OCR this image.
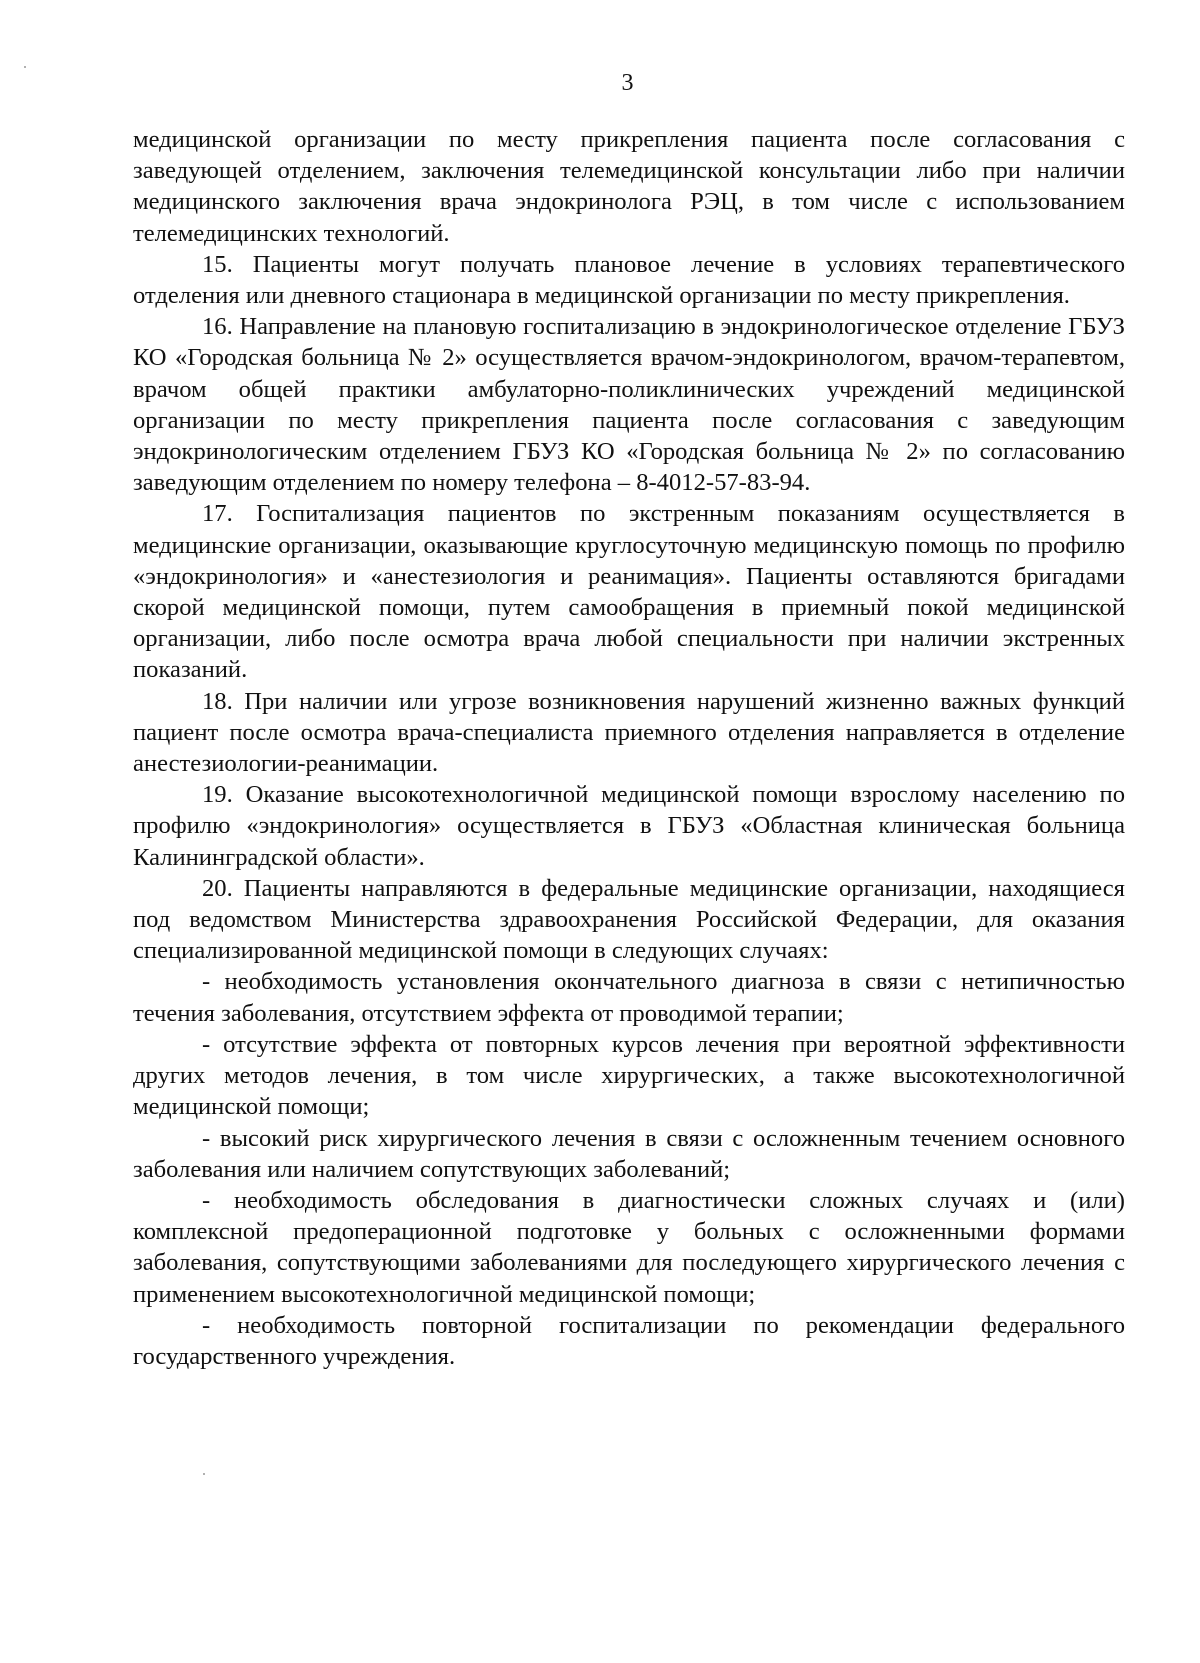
3

медицинской организации по месту прикрепления пациента после согласования с заведующей отделением, заключения телемедицинской консультации либо при наличии медицинского заключения врача эндокринолога РЭЦ, в том числе с использованием телемедицинских технологий.

15. Пациенты могут получать плановое лечение в условиях терапевтического отделения или дневного стационара в медицинской организации по месту прикрепления.

16. Направление на плановую госпитализацию в эндокринологическое отделение ГБУЗ КО «Городская больница № 2» осуществляется врачом-эндокринологом, врачом-терапевтом, врачом общей практики амбулаторно-поликлинических учреждений медицинской организации по месту прикрепления пациента после согласования с заведующим эндокринологическим отделением ГБУЗ КО «Городская больница № 2» по согласованию заведующим отделением по номеру телефона – 8-4012-57-83-94.

17. Госпитализация пациентов по экстренным показаниям осуществляется в медицинские организации, оказывающие круглосуточную медицинскую помощь по профилю «эндокринология» и «анестезиология и реанимация». Пациенты оставляются бригадами скорой медицинской помощи, путем самообращения в приемный покой медицинской организации, либо после осмотра врача любой специальности при наличии экстренных показаний.

18. При наличии или угрозе возникновения нарушений жизненно важных функций пациент после осмотра врача-специалиста приемного отделения направляется в отделение анестезиологии-реанимации.

19. Оказание высокотехнологичной медицинской помощи взрослому населению по профилю «эндокринология» осуществляется в ГБУЗ «Областная клиническая больница Калининградской области».

20. Пациенты направляются в федеральные медицинские организации, находящиеся под ведомством Министерства здравоохранения Российской Федерации, для оказания специализированной медицинской помощи в следующих случаях:

- необходимость установления окончательного диагноза в связи с нетипичностью течения заболевания, отсутствием эффекта от проводимой терапии;

- отсутствие эффекта от повторных курсов лечения при вероятной эффективности других методов лечения, в том числе хирургических, а также высокотехнологичной медицинской помощи;

- высокий риск хирургического лечения в связи с осложненным течением основного заболевания или наличием сопутствующих заболеваний;

- необходимость обследования в диагностически сложных случаях и (или) комплексной предоперационной подготовке у больных с осложненными формами заболевания, сопутствующими заболеваниями для последующего хирургического лечения с применением высокотехнологичной медицинской помощи;

- необходимость повторной госпитализации по рекомендации федерального государственного учреждения.
